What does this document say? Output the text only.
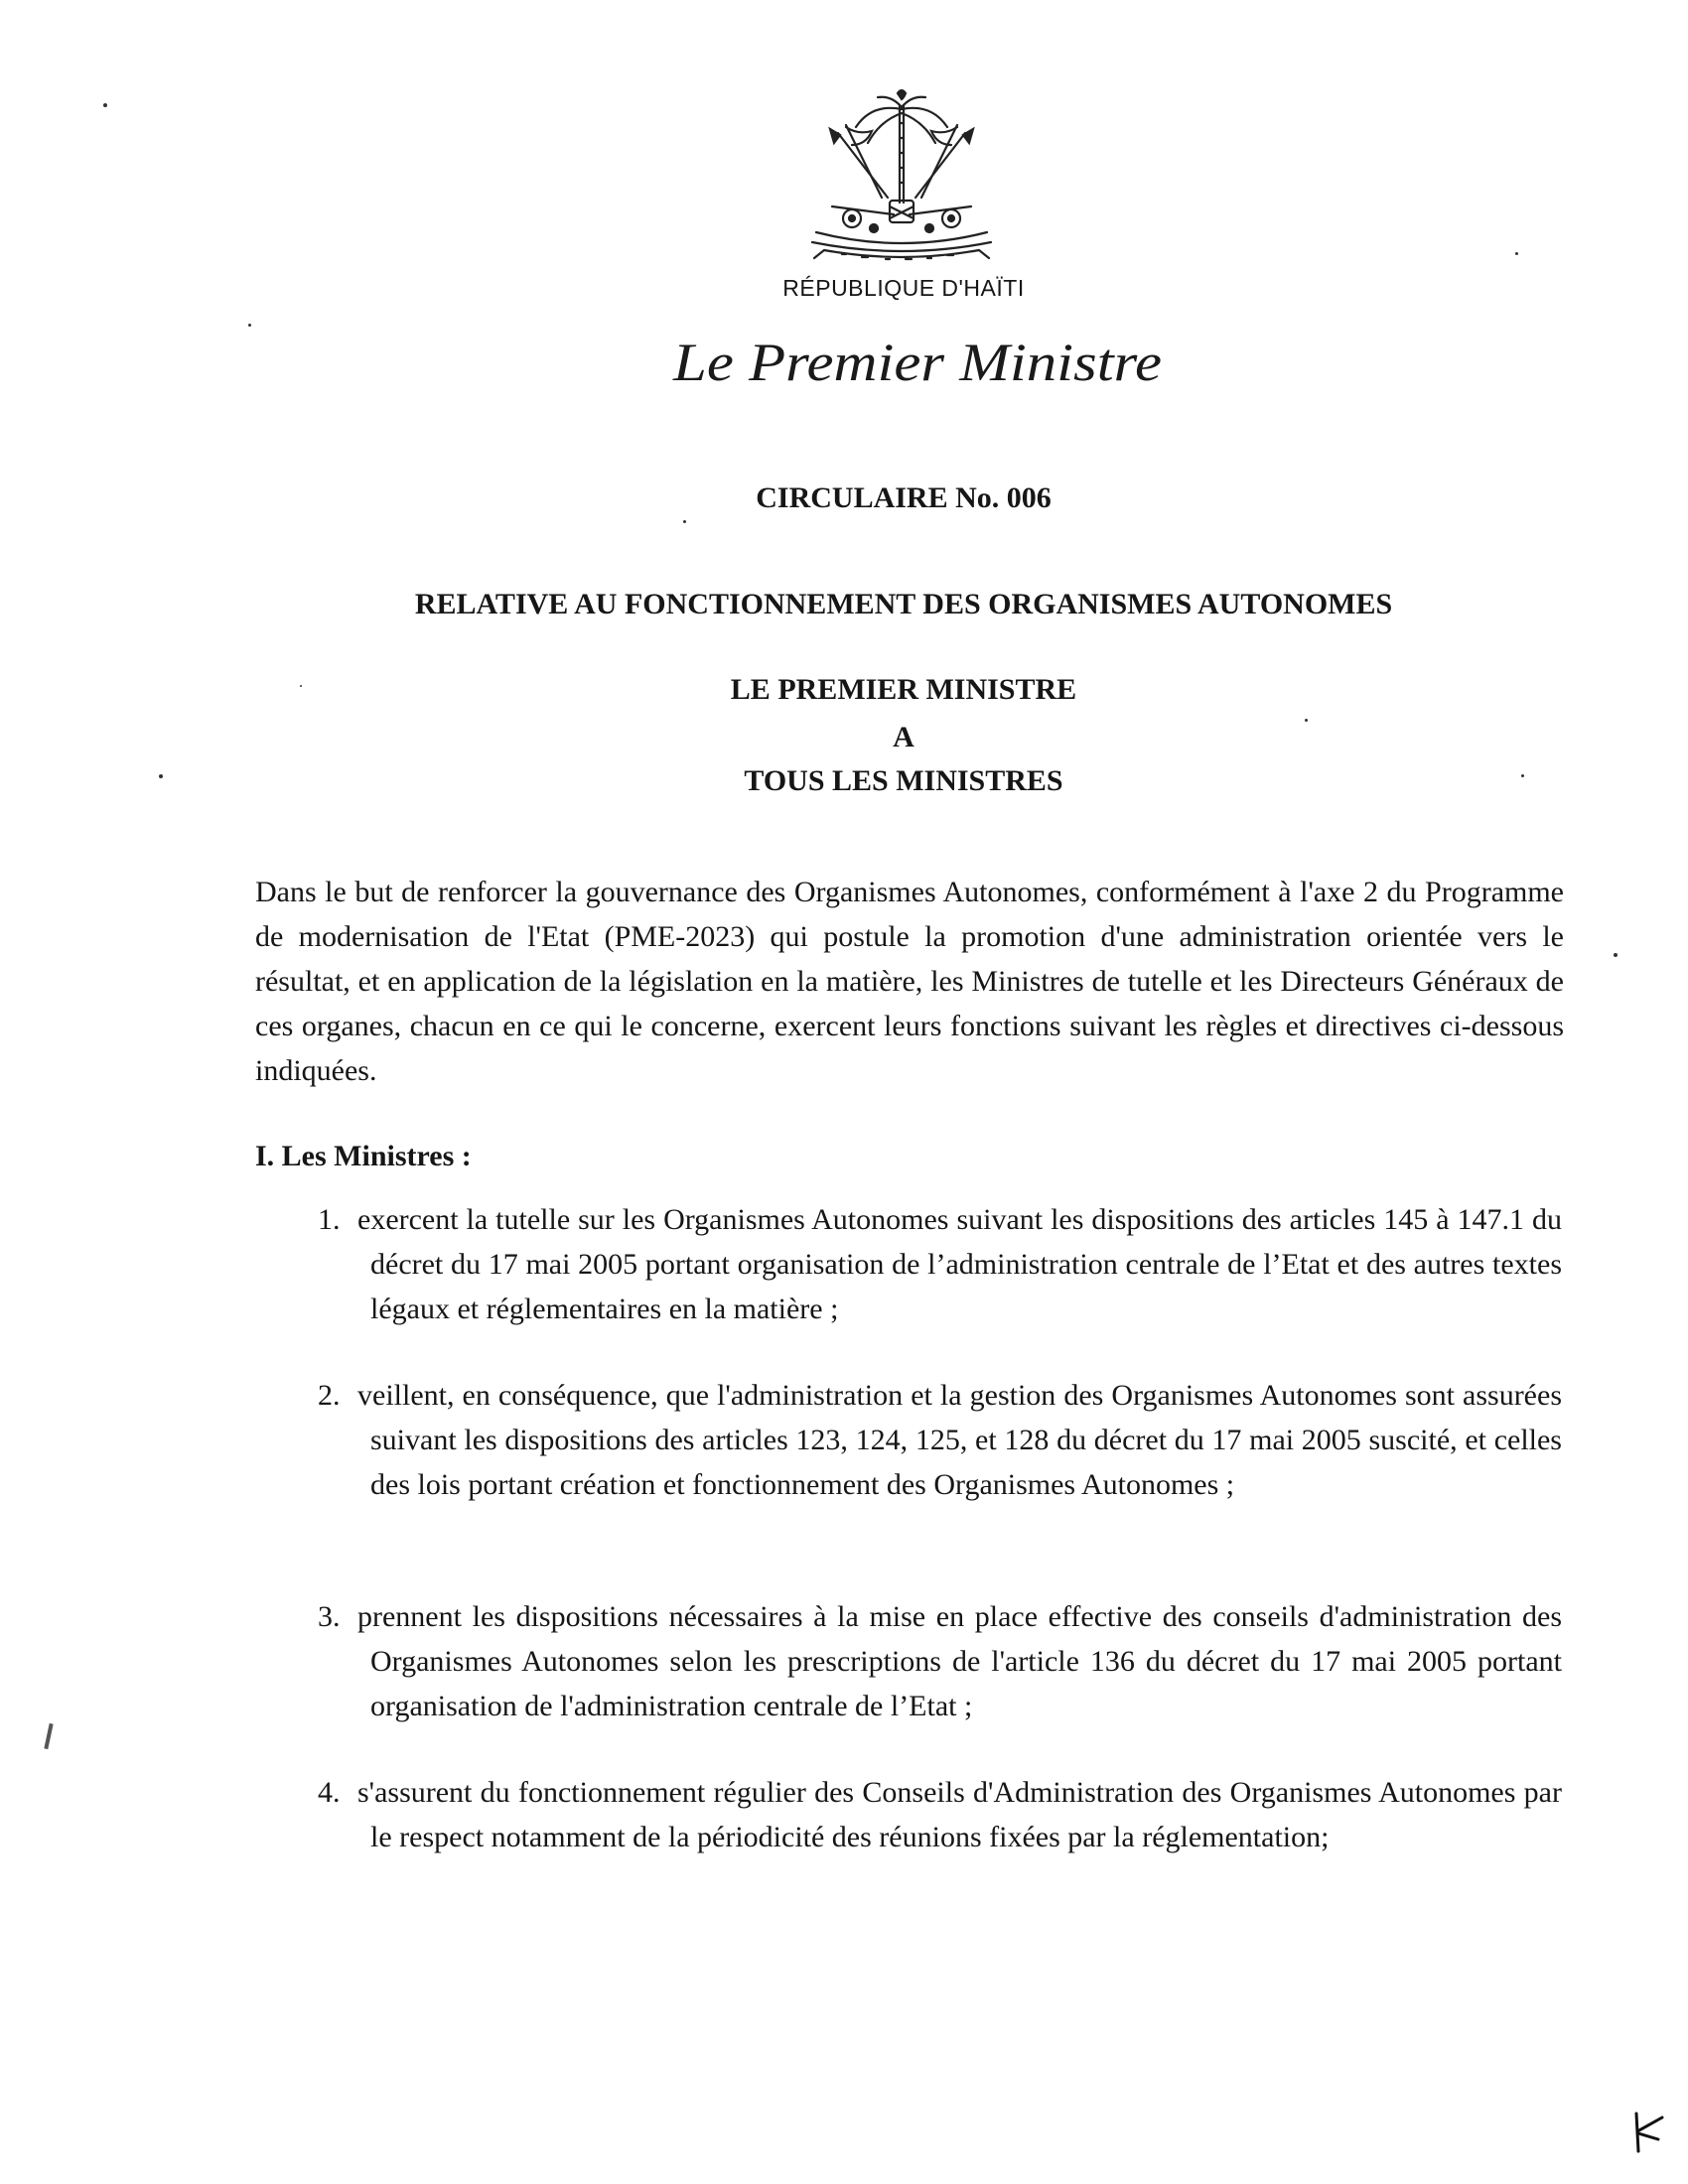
RÉPUBLIQUE D'HAÏTI
Le Premier Ministre
CIRCULAIRE No. 006
RELATIVE AU FONCTIONNEMENT DES ORGANISMES AUTONOMES
LE PREMIER MINISTRE
A
TOUS LES MINISTRES

Dans le but de renforcer la gouvernance des Organismes Autonomes, conformément à l'axe 2 du Programme de modernisation de l'Etat (PME-2023) qui postule la promotion d'une administration orientée vers le résultat, et en application de la législation en la matière, les Ministres de tutelle et les Directeurs Généraux de ces organes, chacun en ce qui le concerne, exercent leurs fonctions suivant les règles et directives ci-dessous indiquées.

I. Les Ministres :
1. exercent la tutelle sur les Organismes Autonomes suivant les dispositions des articles 145 à 147.1 du décret du 17 mai 2005 portant organisation de l’administration centrale de l’Etat et des autres textes légaux et réglementaires en la matière ;
2. veillent, en conséquence, que l'administration et la gestion des Organismes Autonomes sont assurées suivant les dispositions des articles 123, 124, 125, et 128 du décret du 17 mai 2005 suscité, et celles des lois portant création et fonctionnement des Organismes Autonomes ;
3. prennent les dispositions nécessaires à la mise en place effective des conseils d'administration des Organismes Autonomes selon les prescriptions de l'article 136 du décret du 17 mai 2005 portant organisation de l'administration centrale de l’Etat ;
4. s'assurent du fonctionnement régulier des Conseils d'Administration des Organismes Autonomes par le respect notamment de la périodicité des réunions fixées par la réglementation;
